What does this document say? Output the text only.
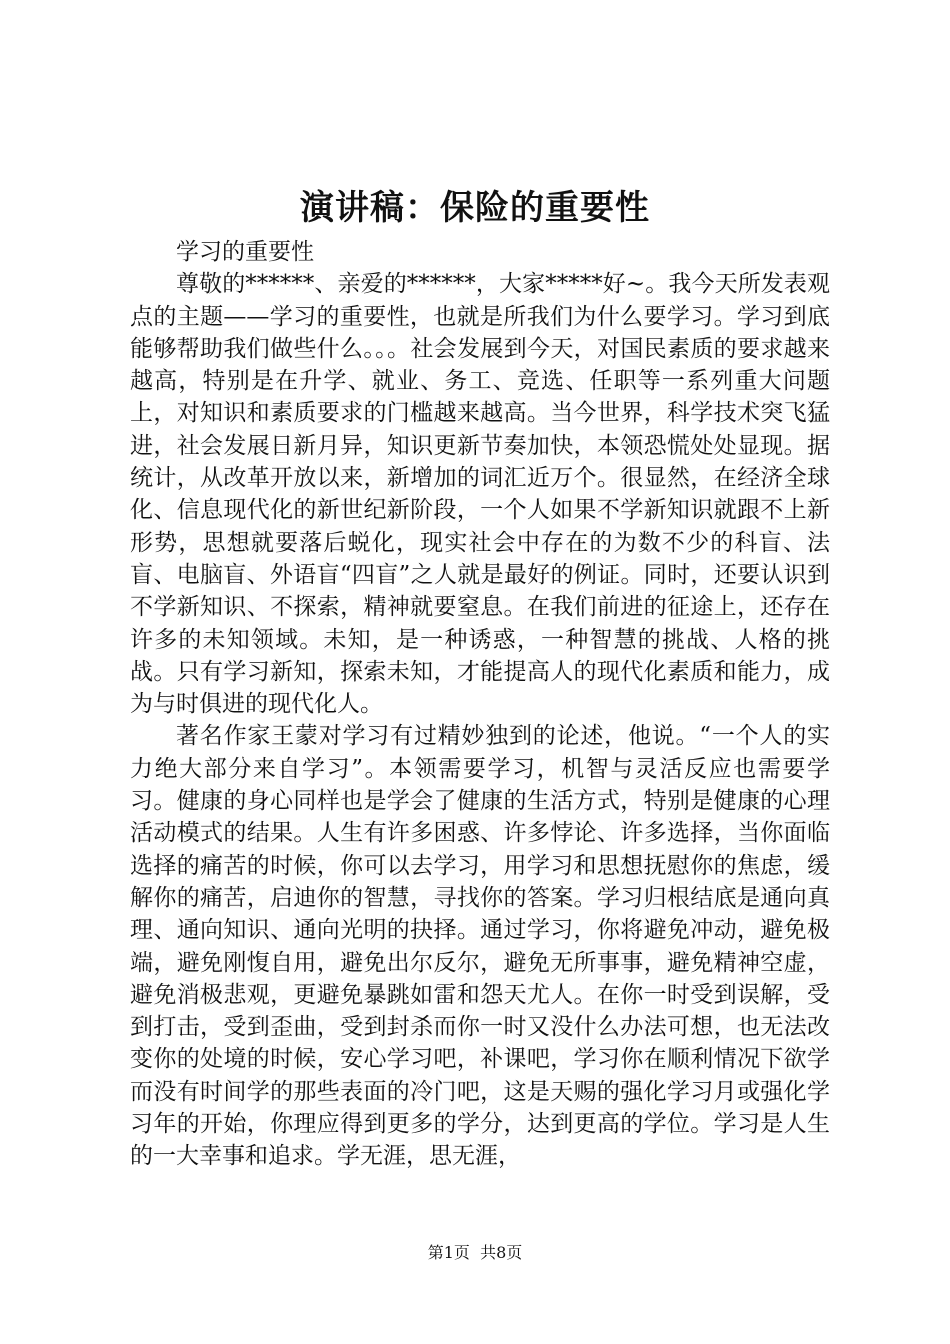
演讲稿：保险的重要性

学习的重要性

尊敬的******、亲爱的******，大家*****好~。我今天所发表观点的主题——学习的重要性，也就是所我们为什么要学习。学习到底能够帮助我们做些什么。。。社会发展到今天，对国民素质的要求越来越高，特别是在升学、就业、务工、竞选、任职等一系列重大问题上，对知识和素质要求的门槛越来越高。当今世界，科学技术突飞猛进，社会发展日新月异，知识更新节奏加快，本领恐慌处处显现。据统计，从改革开放以来，新增加的词汇近万个。很显然，在经济全球化、信息现代化的新世纪新阶段，一个人如果不学新知识就跟不上新形势，思想就要落后蜕化，现实社会中存在的为数不少的科盲、法盲、电脑盲、外语盲“四盲”之人就是最好的例证。同时，还要认识到不学新知识、不探索，精神就要窒息。在我们前进的征途上，还存在许多的未知领域。未知，是一种诱惑，一种智慧的挑战、人格的挑战。只有学习新知，探索未知，才能提高人的现代化素质和能力，成为与时俱进的现代化人。

著名作家王蒙对学习有过精妙独到的论述，他说。“一个人的实力绝大部分来自学习”。本领需要学习，机智与灵活反应也需要学习。健康的身心同样也是学会了健康的生活方式，特别是健康的心理活动模式的结果。人生有许多困惑、许多悖论、许多选择，当你面临选择的痛苦的时候，你可以去学习，用学习和思想抚慰你的焦虑，缓解你的痛苦，启迪你的智慧，寻找你的答案。学习归根结底是通向真理、通向知识、通向光明的抉择。通过学习，你将避免冲动，避免极端，避免刚愎自用，避免出尔反尔，避免无所事事，避免精神空虚，避免消极悲观，更避免暴跳如雷和怨天尤人。在你一时受到误解，受到打击，受到歪曲，受到封杀而你一时又没什么办法可想，也无法改变你的处境的时候，安心学习吧，补课吧，学习你在顺利情况下欲学而没有时间学的那些表面的冷门吧，这是天赐的强化学习月或强化学习年的开始，你理应得到更多的学分，达到更高的学位。学习是人生的一大幸事和追求。学无涯，思无涯，

第1页  共8页
